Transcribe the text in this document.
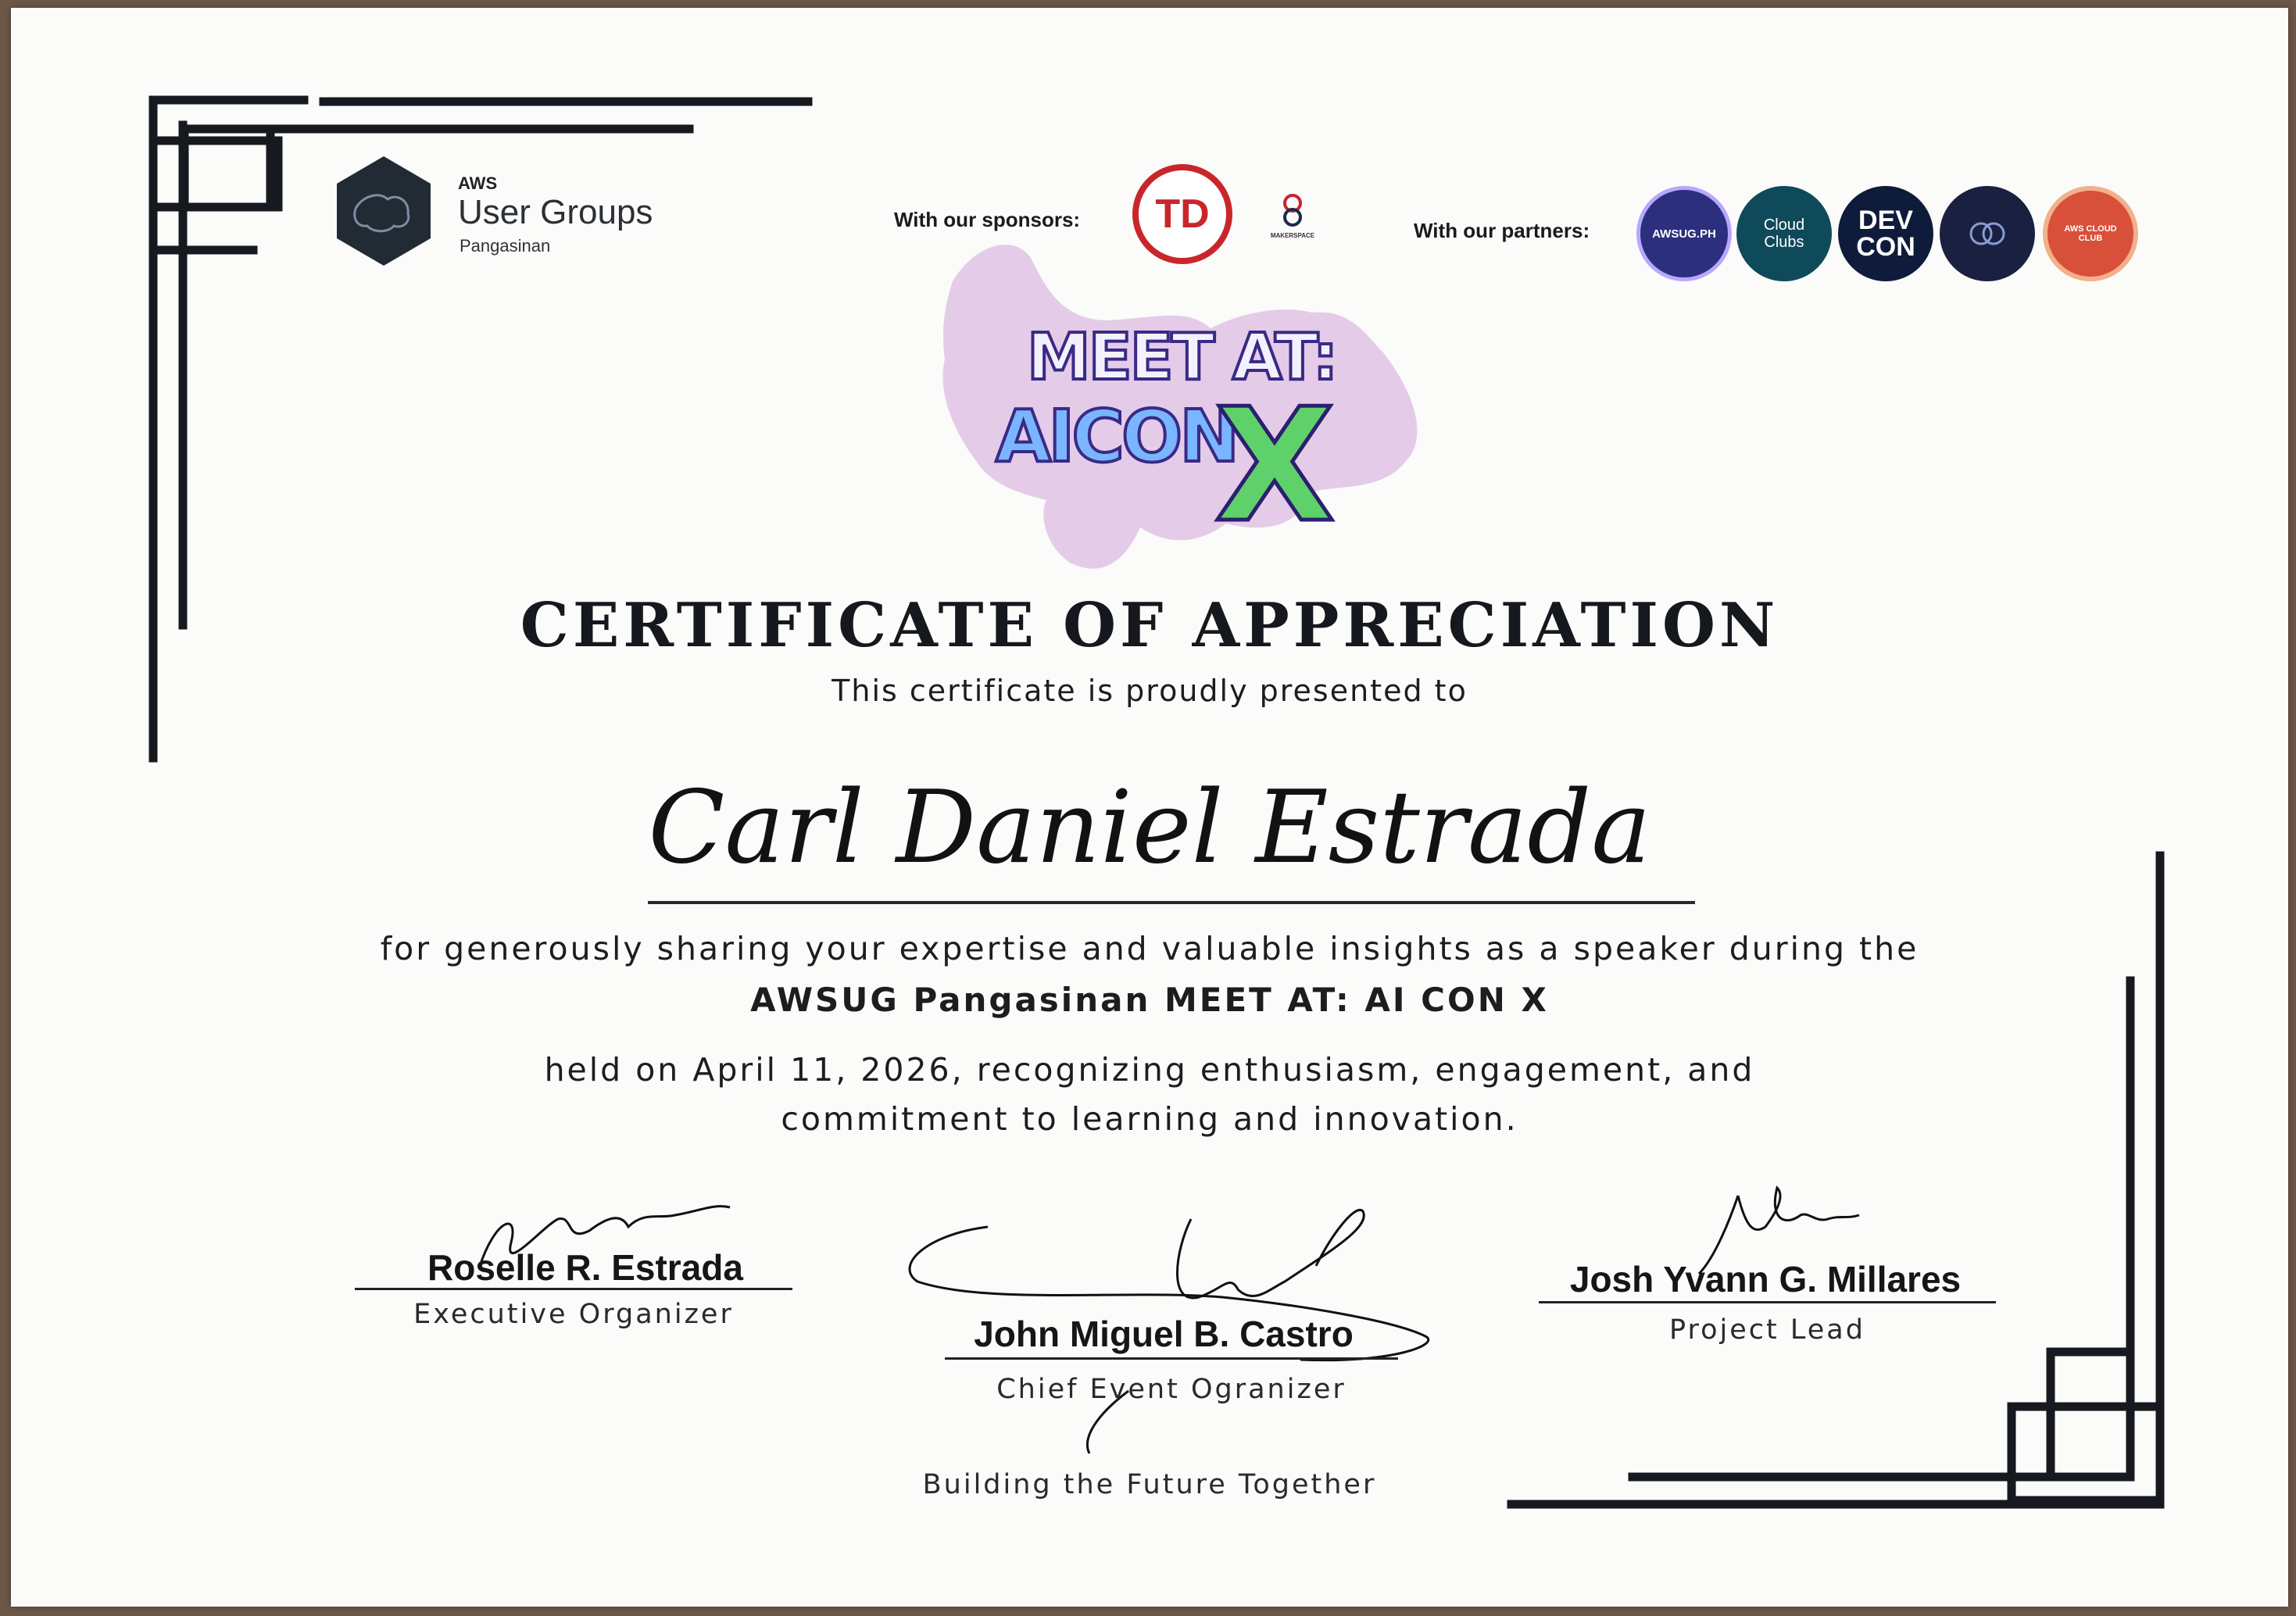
AWS
User Groups
Pangasinan
With our sponsors: TD	MAKERSPACE	With our partners:	AWSUG.PH	Cloud Clubs
DEV CON
AWS CLOUD CLUB
MEET AT:
AICON
X
CERTIFICATE OF APPRECIATION
This certificate is proudly presented to
Carl Daniel Estrada
for generously sharing your expertise and valuable insights as a speaker during the
AWSUG Pangasinan MEET AT: AI CON X
held on April 11, 2026, recognizing enthusiasm, engagement, and
commitment to learning and innovation.
Roselle R. Estrada
Executive Organizer	John Miguel B. Castro
Chief Event Ogranizer
Josh Yvann G. Millares
Project Lead
Building the Future Together
